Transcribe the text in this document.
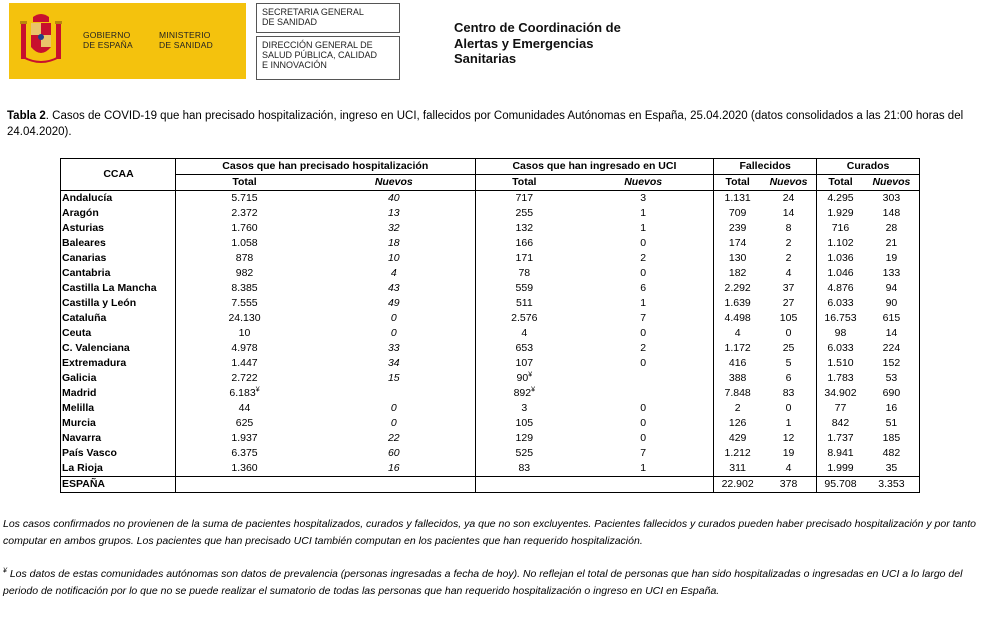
GOBIERNO
DE ESPAÑA
MINISTERIO
DE SANIDAD
SECRETARIA GENERAL
DE SANIDAD
DIRECCIÓN GENERAL DE
SALUD PÚBLICA, CALIDAD
E INNOVACIÓN
Centro de Coordinación de
Alertas y Emergencias
Sanitarias
Tabla 2. Casos de COVID-19 que han precisado hospitalización, ingreso en UCI, fallecidos por Comunidades Autónomas en España, 25.04.2020 (datos consolidados a las 21:00 horas del 24.04.2020).
CCAA	Casos que han precisado hospitalización		Casos que han ingresado en UCI		Fallecidos		Curados	
	Total	Nuevos	Total	Nuevos	Total	Nuevos	Total	Nuevos
Andalucía	5.715	40	717	3	1.131	24	4.295	303
Aragón	2.372	13	255	1	709	14	1.929	148
Asturias	1.760	32	132	1	239	8	716	28
Baleares	1.058	18	166	0	174	2	1.102	21
Canarias	878	10	171	2	130	2	1.036	19
Cantabria	982	4	78	0	182	4	1.046	133
Castilla La Mancha	8.385	43	559	6	2.292	37	4.876	94
Castilla y León	7.555	49	511	1	1.639	27	6.033	90
Cataluña	24.130	0	2.576	7	4.498	105	16.753	615
Ceuta	10	0	4	0	4	0	98	14
C. Valenciana	4.978	33	653	2	1.172	25	6.033	224
Extremadura	1.447	34	107	0	416	5	1.510	152
Galicia	2.722	15	90¥		388	6	1.783	53
Madrid	6.183¥		892¥		7.848	83	34.902	690
Melilla	44	0	3	0	2	0	77	16
Murcia	625	0	105	0	126	1	842	51
Navarra	1.937	22	129	0	429	12	1.737	185
País Vasco	6.375	60	525	7	1.212	19	8.941	482
La Rioja	1.360	16	83	1	311	4	1.999	35
ESPAÑA					22.902	378	95.708	3.353
Los casos confirmados no provienen de la suma de pacientes hospitalizados, curados y fallecidos, ya que no son excluyentes. Pacientes fallecidos y curados pueden haber precisado hospitalización y por tanto computar en ambos grupos. Los pacientes que han precisado UCI también computan en los pacientes que han requerido hospitalización.
¥ Los datos de estas comunidades autónomas son datos de prevalencia (personas ingresadas a fecha de hoy). No reflejan el total de personas que han sido hospitalizadas o ingresadas en UCI a lo largo del periodo de notificación por lo que no se puede realizar el sumatorio de todas las personas que han requerido hospitalización o ingreso en UCI en España.
